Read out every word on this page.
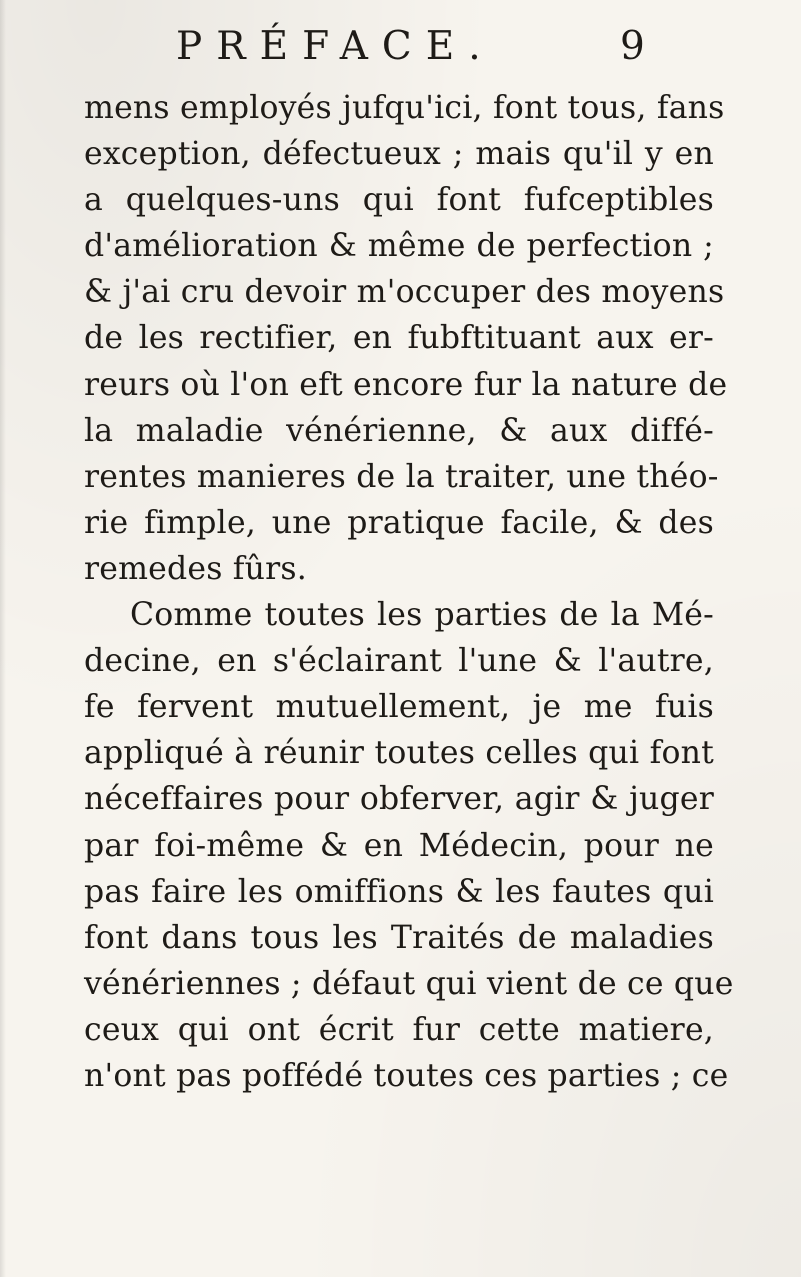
PRÉFACE.	9
mens employés jufqu'ici, font tous, fans
exception, défectueux ; mais qu'il y en
a quelques-uns qui font fufceptibles
d'amélioration & même de perfection ;
& j'ai cru devoir m'occuper des moyens
de les rectifier, en fubftituant aux er-
reurs où l'on eft encore fur la nature de
la maladie vénérienne, & aux diffé-
rentes manieres de la traiter, une théo-
rie fimple, une pratique facile, & des
remedes fûrs.
Comme toutes les parties de la Mé-
decine, en s'éclairant l'une & l'autre,
fe fervent mutuellement, je me fuis
appliqué à réunir toutes celles qui font
néceffaires pour obferver, agir & juger
par foi-même & en Médecin, pour ne
pas faire les omiffions & les fautes qui
font dans tous les Traités de maladies
vénériennes ; défaut qui vient de ce que
ceux qui ont écrit fur cette matiere,
n'ont pas poffédé toutes ces parties ; ce
